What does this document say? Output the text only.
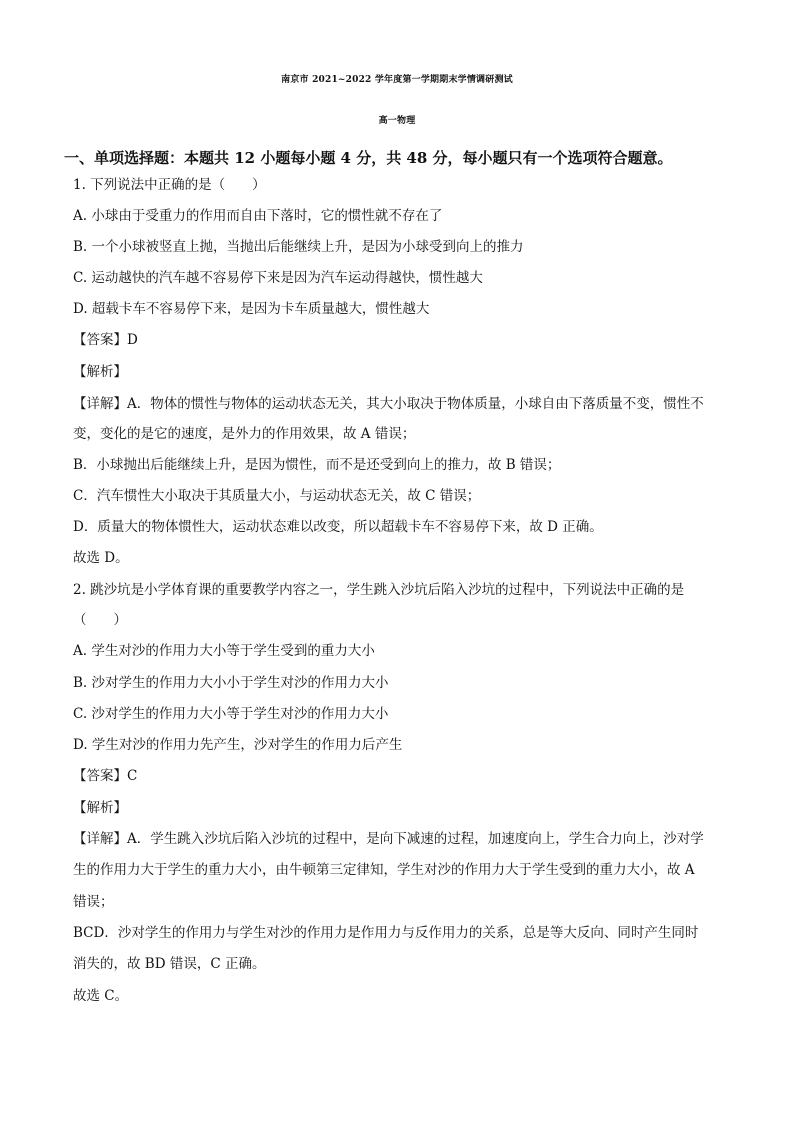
南京市 2021~2022 学年度第一学期期末学情调研测试
高一物理
一、单项选择题：本题共 12 小题每小题 4 分，共 48 分，每小题只有一个选项符合题意。
1. 下列说法中正确的是（　　）
A. 小球由于受重力的作用而自由下落时，它的惯性就不存在了
B. 一个小球被竖直上抛，当抛出后能继续上升，是因为小球受到向上的推力
C. 运动越快的汽车越不容易停下来是因为汽车运动得越快，惯性越大
D. 超载卡车不容易停下来，是因为卡车质量越大，惯性越大
【答案】D
【解析】
【详解】A．物体的惯性与物体的运动状态无关，其大小取决于物体质量，小球自由下落质量不变，惯性不
变，变化的是它的速度，是外力的作用效果，故 A 错误；
B．小球抛出后能继续上升，是因为惯性，而不是还受到向上的推力，故 B 错误；
C．汽车惯性大小取决于其质量大小，与运动状态无关，故 C 错误；
D．质量大的物体惯性大，运动状态难以改变，所以超载卡车不容易停下来，故 D 正确。
故选 D。
2. 跳沙坑是小学体育课的重要教学内容之一，学生跳入沙坑后陷入沙坑的过程中，下列说法中正确的是
（　　）
A. 学生对沙的作用力大小等于学生受到的重力大小
B. 沙对学生的作用力大小小于学生对沙的作用力大小
C. 沙对学生的作用力大小等于学生对沙的作用力大小
D. 学生对沙的作用力先产生，沙对学生的作用力后产生
【答案】C
【解析】
【详解】A．学生跳入沙坑后陷入沙坑的过程中，是向下减速的过程，加速度向上，学生合力向上，沙对学
生的作用力大于学生的重力大小，由牛顿第三定律知，学生对沙的作用力大于学生受到的重力大小，故 A
错误；
BCD．沙对学生的作用力与学生对沙的作用力是作用力与反作用力的关系，总是等大反向、同时产生同时
消失的，故 BD 错误，C 正确。
故选 C。
